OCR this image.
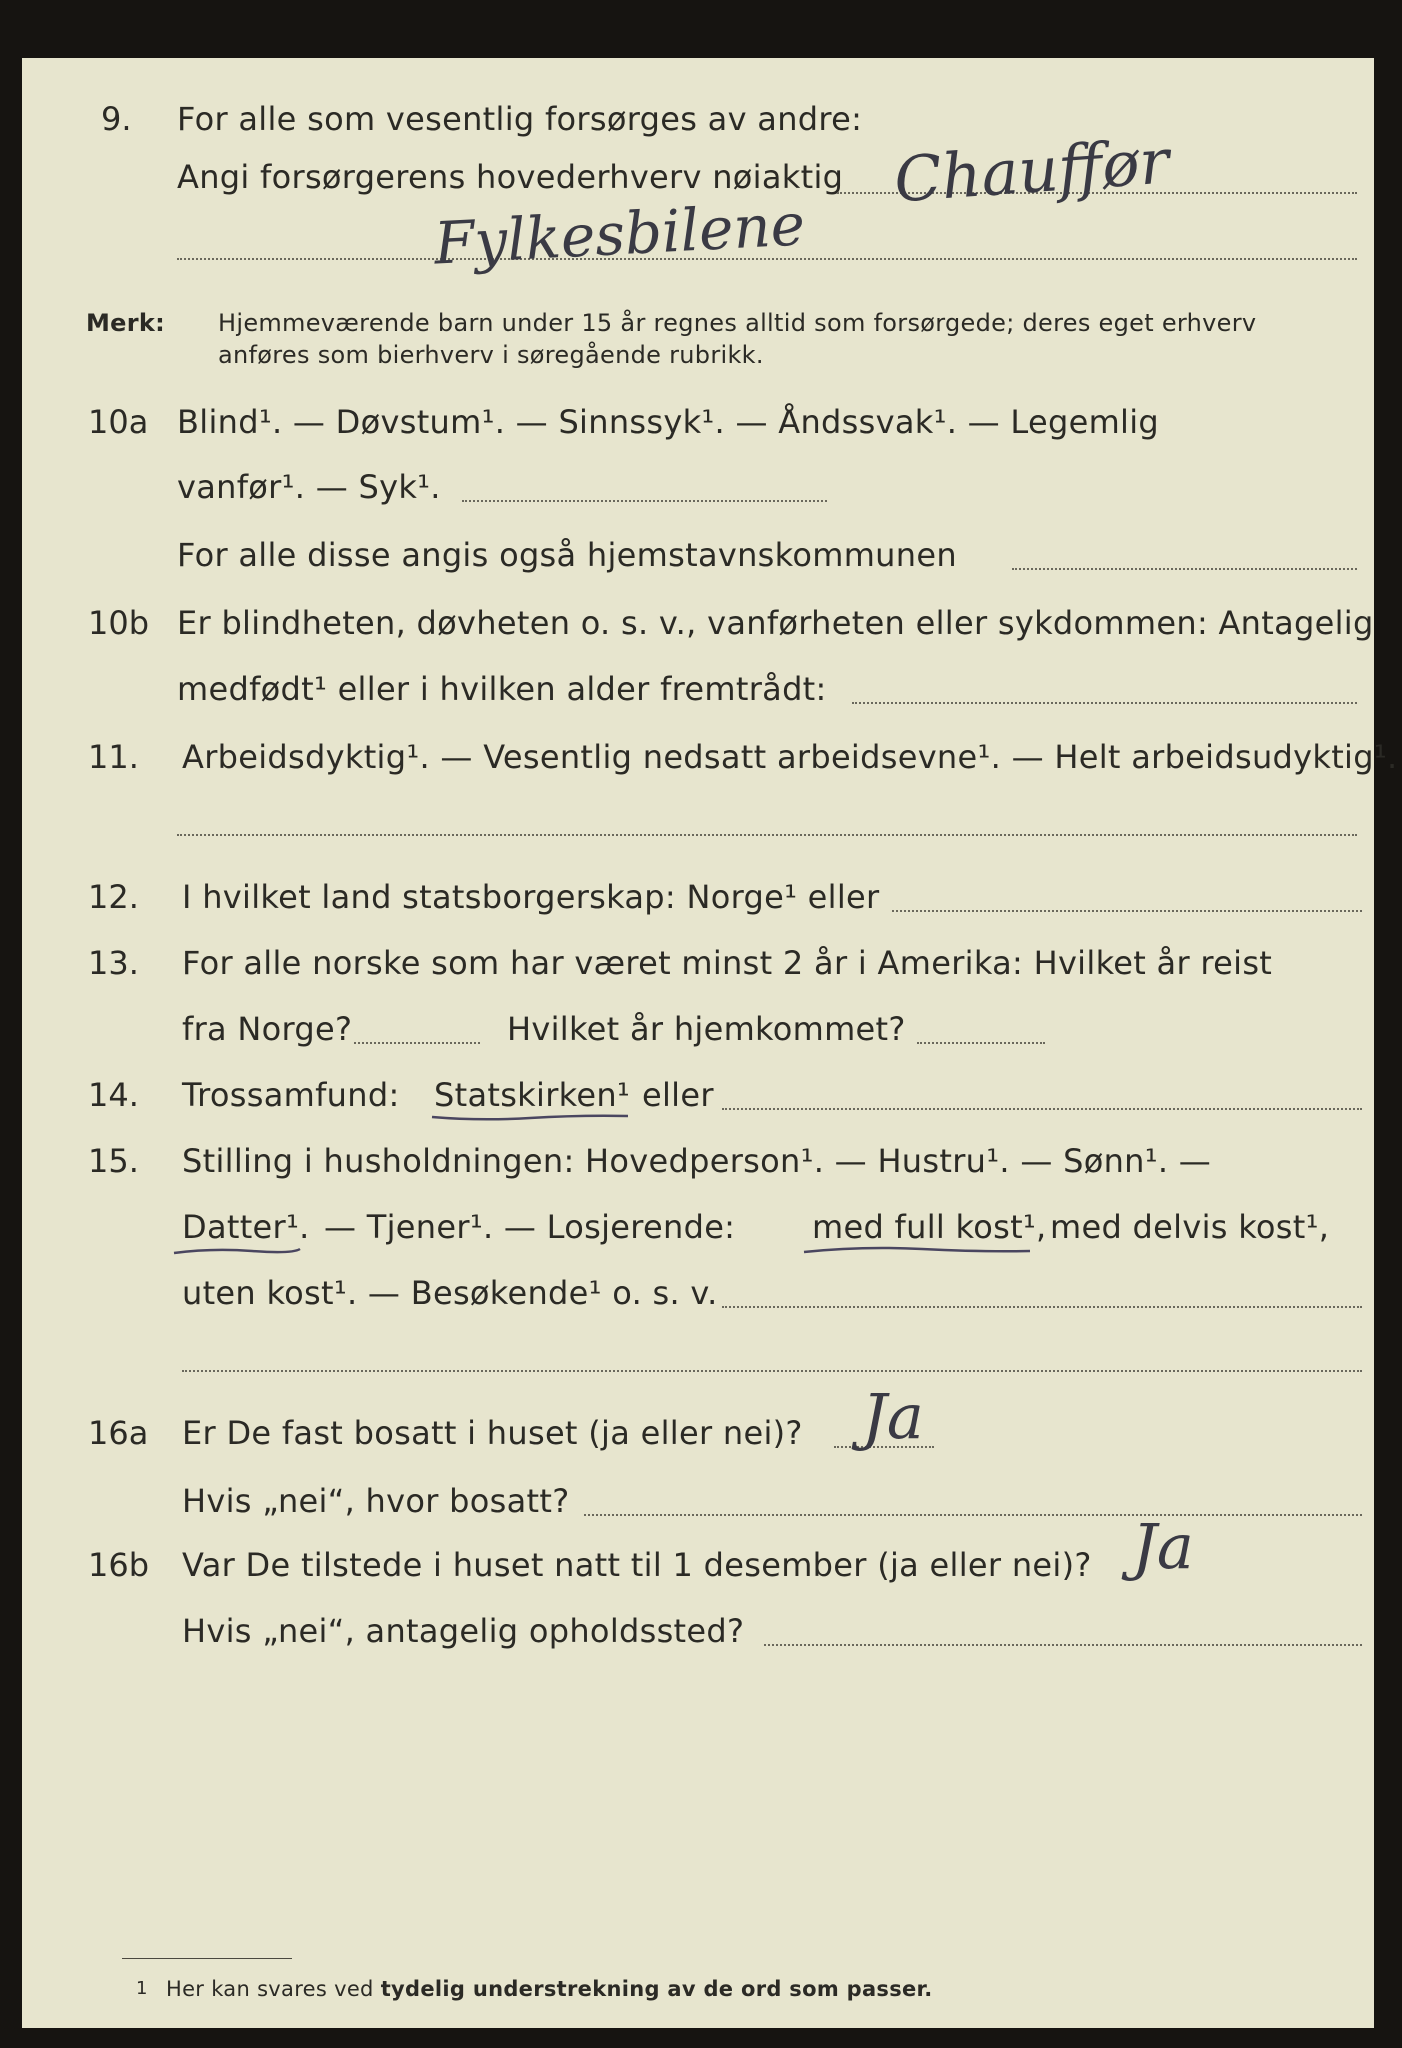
9. For alle som vesentlig forsørges av andre:
Angi forsørgerens hovederhverv nøiaktig Chauffør
Fylkesbilene
Merk: Hjemmeværende barn under 15 år regnes alltid som forsørgede; deres eget erhverv
anføres som bierhverv i søregående rubrikk.
10a Blind¹. — Døvstum¹. — Sinnssyk¹. — Åndssvak¹. — Legemlig
vanfør¹. — Syk¹.
For alle disse angis også hjemstavnskommunen
10b Er blindheten, døvheten o. s. v., vanførheten eller sykdommen: Antagelig
medfødt¹ eller i hvilken alder fremtrådt:
11. Arbeidsdyktig¹. — Vesentlig nedsatt arbeidsevne¹. — Helt arbeidsudyktig¹.
12. I hvilket land statsborgerskap: Norge¹ eller
13. For alle norske som har været minst 2 år i Amerika: Hvilket år reist
fra Norge?	Hvilket år hjemkommet?
14. Trossamfund: Statskirken¹ eller
15. Stilling i husholdningen: Hovedperson¹. — Hustru¹. — Sønn¹. —
Datter¹. — Tjener¹. — Losjerende: med full kost¹, med delvis kost¹,
uten kost¹. — Besøkende¹ o. s. v.
16a Er De fast bosatt i huset (ja eller nei)? Ja
Hvis „nei“, hvor bosatt?
16b Var De tilstede i huset natt til 1 desember (ja eller nei)? Ja
Hvis „nei“, antagelig opholdssted?
1 Her kan svares ved tydelig understrekning av de ord som passer.
